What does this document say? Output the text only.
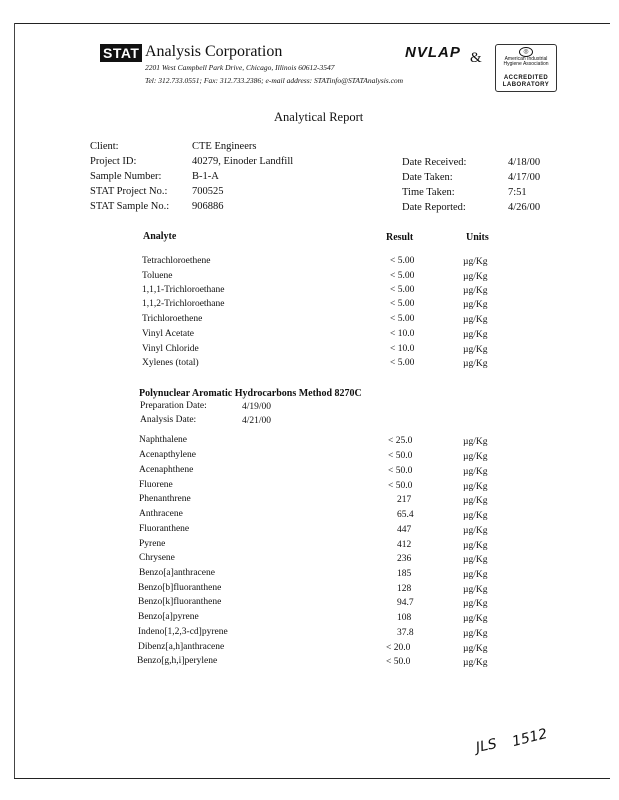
STAT Analysis Corporation
2201 West Campbell Park Drive, Chicago, Illinois 60612-3547
Tel: 312.733.0551; Fax: 312.733.2386; e-mail address: STATinfo@STATAnalysis.com
NVLAP &	◎
American Industrial Hygiene Association
ACCREDITED
LABORATORY
Analytical Report
Client:	CTE Engineers
Project ID:	40279, Einoder Landfill
Sample Number:	B-1-A
STAT Project No.: 700525
STAT Sample No.: 906886
Date Received:	4/18/00
Date Taken:	4/17/00
Time Taken:	7:51
Date Reported:	4/26/00
Analyte	Result	Units
Tetrachloroethene	< 5.00	µg/Kg
Toluene	< 5.00	µg/Kg
1,1,1-Trichloroethane	< 5.00	µg/Kg
1,1,2-Trichloroethane	< 5.00	µg/Kg
Trichloroethene	< 5.00	µg/Kg
Vinyl Acetate	< 10.0	µg/Kg
Vinyl Chloride	< 10.0	µg/Kg
Xylenes (total)	< 5.00	µg/Kg
Polynuclear Aromatic Hydrocarbons Method 8270C
Preparation Date:	4/19/00
Analysis Date:	4/21/00
Naphthalene	< 25.0	µg/Kg
Acenapthylene	< 50.0	µg/Kg
Acenaphthene	< 50.0	µg/Kg
Fluorene	< 50.0	µg/Kg
Phenanthrene	217	µg/Kg
Anthracene	65.4	µg/Kg
Fluoranthene	447	µg/Kg
Pyrene	412	µg/Kg
Chrysene	236	µg/Kg
Benzo[a]anthracene	185	µg/Kg
Benzo[b]fluoranthene	128	µg/Kg
Benzo[k]fluoranthene	94.7	µg/Kg
Benzo[a]pyrene	108	µg/Kg
Indeno[1,2,3-cd]pyrene	37.8	µg/Kg
Dibenz[a,h]anthracene	< 20.0	µg/Kg
Benzo[g,h,i]perylene	< 50.0	µg/Kg
JLS 1512
